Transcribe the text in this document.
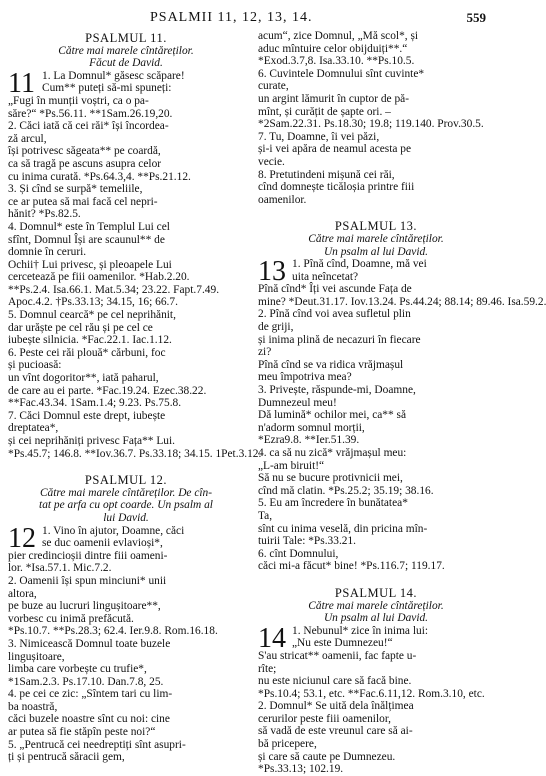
PSALMII 11, 12, 13, 14.	559
PSALMUL 11.
Către mai marele cîntăreților.
Făcut de David.
11 1. La Domnul* găsesc scăpare!
Cum** puteți să-mi spuneți:
„Fugi în munții voștri, ca o pa-
săre?“ *Ps.56.11. **1Sam.26.19,20.
2. Căci iată că cei răi* își încordea-
ză arcul,
își potrivesc săgeata** pe coardă,
ca să tragă pe ascuns asupra celor
cu inima curată. *Ps.64.3,4. **Ps.21.12.
3. Și cînd se surpă* temeliile,
ce ar putea să mai facă cel nepri-
hănit? *Ps.82.5.
4. Domnul* este în Templul Lui cel
sfînt, Domnul Își are scaunul** de
domnie în ceruri.
Ochii† Lui privesc, și pleoapele Lui
cercetează pe fiii oamenilor. *Hab.2.20.
**Ps.2.4. Isa.66.1. Mat.5.34; 23.22. Fapt.7.49.
Apoc.4.2. †Ps.33.13; 34.15, 16; 66.7.
5. Domnul cearcă* pe cel neprihănit,
dar urăște pe cel rău și pe cel ce
iubește silnicia. *Fac.22.1. Iac.1.12.
6. Peste cei răi plouă* cărbuni, foc
și pucioasă:
un vînt dogoritor**, iată paharul,
de care au ei parte. *Fac.19.24. Ezec.38.22.
**Fac.43.34. 1Sam.1.4; 9.23. Ps.75.8.
7. Căci Domnul este drept, iubește
dreptatea*,
și cei neprihăniți privesc Fața** Lui.
*Ps.45.7; 146.8. **Iov.36.7. Ps.33.18; 34.15. 1Pet.3.12.
PSALMUL 12.
Către mai marele cîntăreților. De cîn-
tat pe arfa cu opt coarde. Un psalm al
lui David.
12 1. Vino în ajutor, Doamne, căci
se duc oamenii evlavioși*,
pier credincioșii dintre fiii oameni-
lor. *Isa.57.1. Mic.7.2.
2. Oamenii își spun minciuni* unii
altora,
pe buze au lucruri lingușitoare**,
vorbesc cu inimă prefăcută.
*Ps.10.7. **Ps.28.3; 62.4. Ier.9.8. Rom.16.18.
3. Nimicească Domnul toate buzele
lingușitoare,
limba care vorbește cu trufie*,
*1Sam.2.3. Ps.17.10. Dan.7.8, 25.
4. pe cei ce zic: „Sîntem tari cu lim-
ba noastră,
căci buzele noastre sînt cu noi: cine
ar putea să fie stăpîn peste noi?“
5. „Pentrucă cei needreptiți sînt asupri-
ți și pentrucă săracii gem,
acum“, zice Domnul, „Mă scol*, și
aduc mîntuire celor obijduiți**.“
*Exod.3.7,8. Isa.33.10. **Ps.10.5.
6. Cuvintele Domnului sînt cuvinte*
curate,
un argint lămurit în cuptor de pă-
mînt, și curățit de șapte ori. –
*2Sam.22.31. Ps.18.30; 19.8; 119.140. Prov.30.5.
7. Tu, Doamne, îi vei păzi,
și-i vei apăra de neamul acesta pe
vecie.
8. Pretutindeni mișună cei răi,
cînd domnește ticăloșia printre fiii
oamenilor.
PSALMUL 13.
Către mai marele cîntăreților.
Un psalm al lui David.
13 1. Pînă cînd, Doamne, mă vei
uita neîncetat?
Pînă cînd* Îți vei ascunde Fața de
mine? *Deut.31.17. Iov.13.24. Ps.44.24; 88.14; 89.46. Isa.59.2.
2. Pînă cînd voi avea sufletul plin
de griji,
și inima plină de necazuri în fiecare
zi?
Pînă cînd se va ridica vrăjmașul
meu împotriva mea?
3. Privește, răspunde-mi, Doamne,
Dumnezeul meu!
Dă lumină* ochilor mei, ca** să
n'adorm somnul morții,
*Ezra9.8. **Ier.51.39.
4. ca să nu zică* vrăjmașul meu:
„L-am biruit!“
Să nu se bucure protivnicii mei,
cînd mă clatin. *Ps.25.2; 35.19; 38.16.
5. Eu am încredere în bunătatea*
Ta,
sînt cu inima veselă, din pricina mîn-
tuirii Tale: *Ps.33.21.
6. cînt Domnului,
căci mi-a făcut* bine! *Ps.116.7; 119.17.
PSALMUL 14.
Către mai marele cîntăreților.
Un psalm al lui David.
14 1. Nebunul* zice în inima lui:
„Nu este Dumnezeu!“
S'au stricat** oamenii, fac fapte u-
rîte;
nu este niciunul care să facă bine.
*Ps.10.4; 53.1, etc. **Fac.6.11,12. Rom.3.10, etc.
2. Domnul* Se uită dela înălțimea
cerurilor peste fiii oamenilor,
să vadă de este vreunul care să ai-
bă pricepere,
și care să caute pe Dumnezeu.
*Ps.33.13; 102.19.
